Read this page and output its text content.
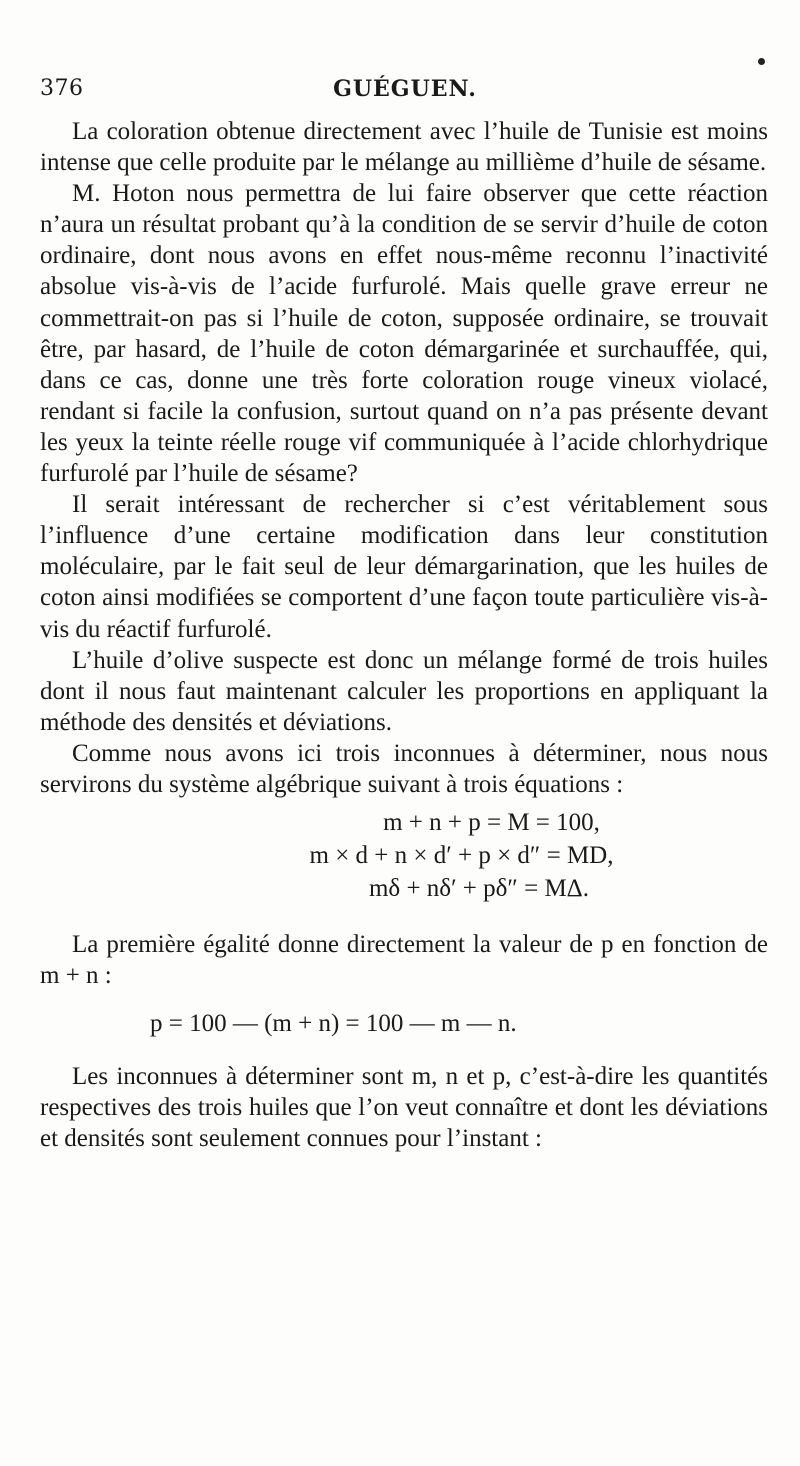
376	GUÉGUEN.

La coloration obtenue directement avec l’huile de Tunisie est moins intense que celle produite par le mélange au millième d’huile de sésame.

M. Hoton nous permettra de lui faire observer que cette réaction n’aura un résultat probant qu’à la condition de se servir d’huile de coton ordinaire, dont nous avons en effet nous-même reconnu l’inactivité absolue vis-à-vis de l’acide furfurolé. Mais quelle grave erreur ne commettrait-on pas si l’huile de coton, supposée ordinaire, se trouvait être, par hasard, de l’huile de coton démargarinée et surchauffée, qui, dans ce cas, donne une très forte coloration rouge vineux violacé, rendant si facile la confusion, surtout quand on n’a pas présente devant les yeux la teinte réelle rouge vif communiquée à l’acide chlorhydrique furfurolé par l’huile de sésame?

Il serait intéressant de rechercher si c’est véritablement sous l’influence d’une certaine modification dans leur constitution moléculaire, par le fait seul de leur démargarination, que les huiles de coton ainsi modifiées se comportent d’une façon toute particulière vis-à-vis du réactif furfurolé.

L’huile d’olive suspecte est donc un mélange formé de trois huiles dont il nous faut maintenant calculer les proportions en appliquant la méthode des densités et déviations.

Comme nous avons ici trois inconnues à déterminer, nous nous servirons du système algébrique suivant à trois équations :

m + n + p = M = 100,
m × d + n × d′ + p × d″ = MD,
mδ + nδ′ + pδ″ = MΔ.

La première égalité donne directement la valeur de p en fonction de m + n :

p = 100 — (m + n) = 100 — m — n.

Les inconnues à déterminer sont m, n et p, c’est-à-dire les quantités respectives des trois huiles que l’on veut connaître et dont les déviations et densités sont seulement connues pour l’instant :
